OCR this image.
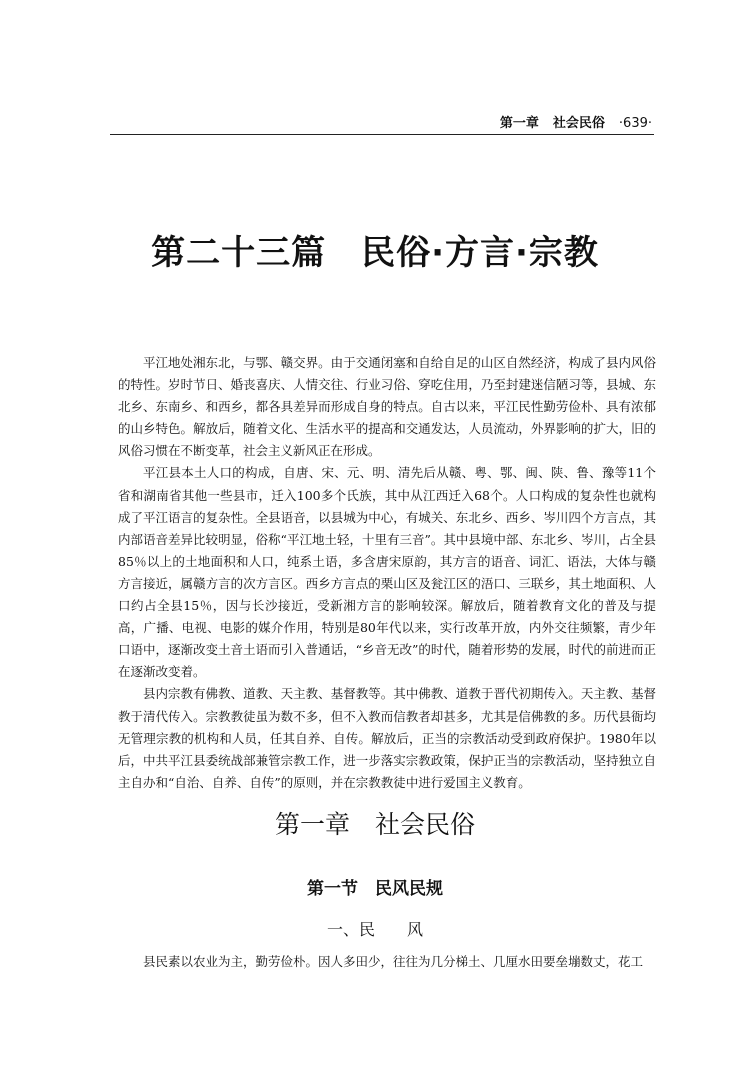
第一章 社会民俗 ·639·
第二十三篇　民俗·方言·宗教

平江地处湘东北，与鄂、赣交界。由于交通闭塞和自给自足的山区自然经济，构成了县内风俗的特性。岁时节日、婚丧喜庆、人情交往、行业习俗、穿吃住用，乃至封建迷信陋习等，县城、东北乡、东南乡、和西乡，都各具差异而形成自身的特点。自古以来，平江民性勤劳俭朴、具有浓郁的山乡特色。解放后，随着文化、生活水平的提高和交通发达，人员流动，外界影响的扩大，旧的风俗习惯在不断变革，社会主义新风正在形成。

平江县本土人口的构成，自唐、宋、元、明、清先后从赣、粤、鄂、闽、陕、鲁、豫等11个省和湖南省其他一些县市，迁入100多个氏族，其中从江西迁入68个。人口构成的复杂性也就构成了平江语言的复杂性。全县语音，以县城为中心，有城关、东北乡、西乡、岑川四个方言点，其内部语音差异比较明显，俗称“平江地土轻，十里有三音”。其中县境中部、东北乡、岑川，占全县85％以上的土地面积和人口，纯系土语，多含唐宋原韵，其方言的语音、词汇、语法，大体与赣方言接近，属赣方言的次方言区。西乡方言点的栗山区及瓮江区的浯口、三联乡，其土地面积、人口约占全县15％，因与长沙接近，受新湘方言的影响较深。解放后，随着教育文化的普及与提高，广播、电视、电影的媒介作用，特别是80年代以来，实行改革开放，内外交往频繁，青少年口语中，逐渐改变土音土语而引入普通话，“乡音无改”的时代，随着形势的发展，时代的前进而正在逐渐改变着。

县内宗教有佛教、道教、天主教、基督教等。其中佛教、道教于晋代初期传入。天主教、基督教于清代传入。宗教教徒虽为数不多，但不入教而信教者却甚多，尤其是信佛教的多。历代县衙均无管理宗教的机构和人员，任其自养、自传。解放后，正当的宗教活动受到政府保护。1980年以后，中共平江县委统战部兼管宗教工作，进一步落实宗教政策，保护正当的宗教活动，坚持独立自主自办和“自治、自养、自传”的原则，并在宗教教徒中进行爱国主义教育。

第一章　社会民俗
第一节　民风民规
一、民　　风

县民素以农业为主，勤劳俭朴。因人多田少，往往为几分梯土、几厘水田要垒塴数丈，花工
